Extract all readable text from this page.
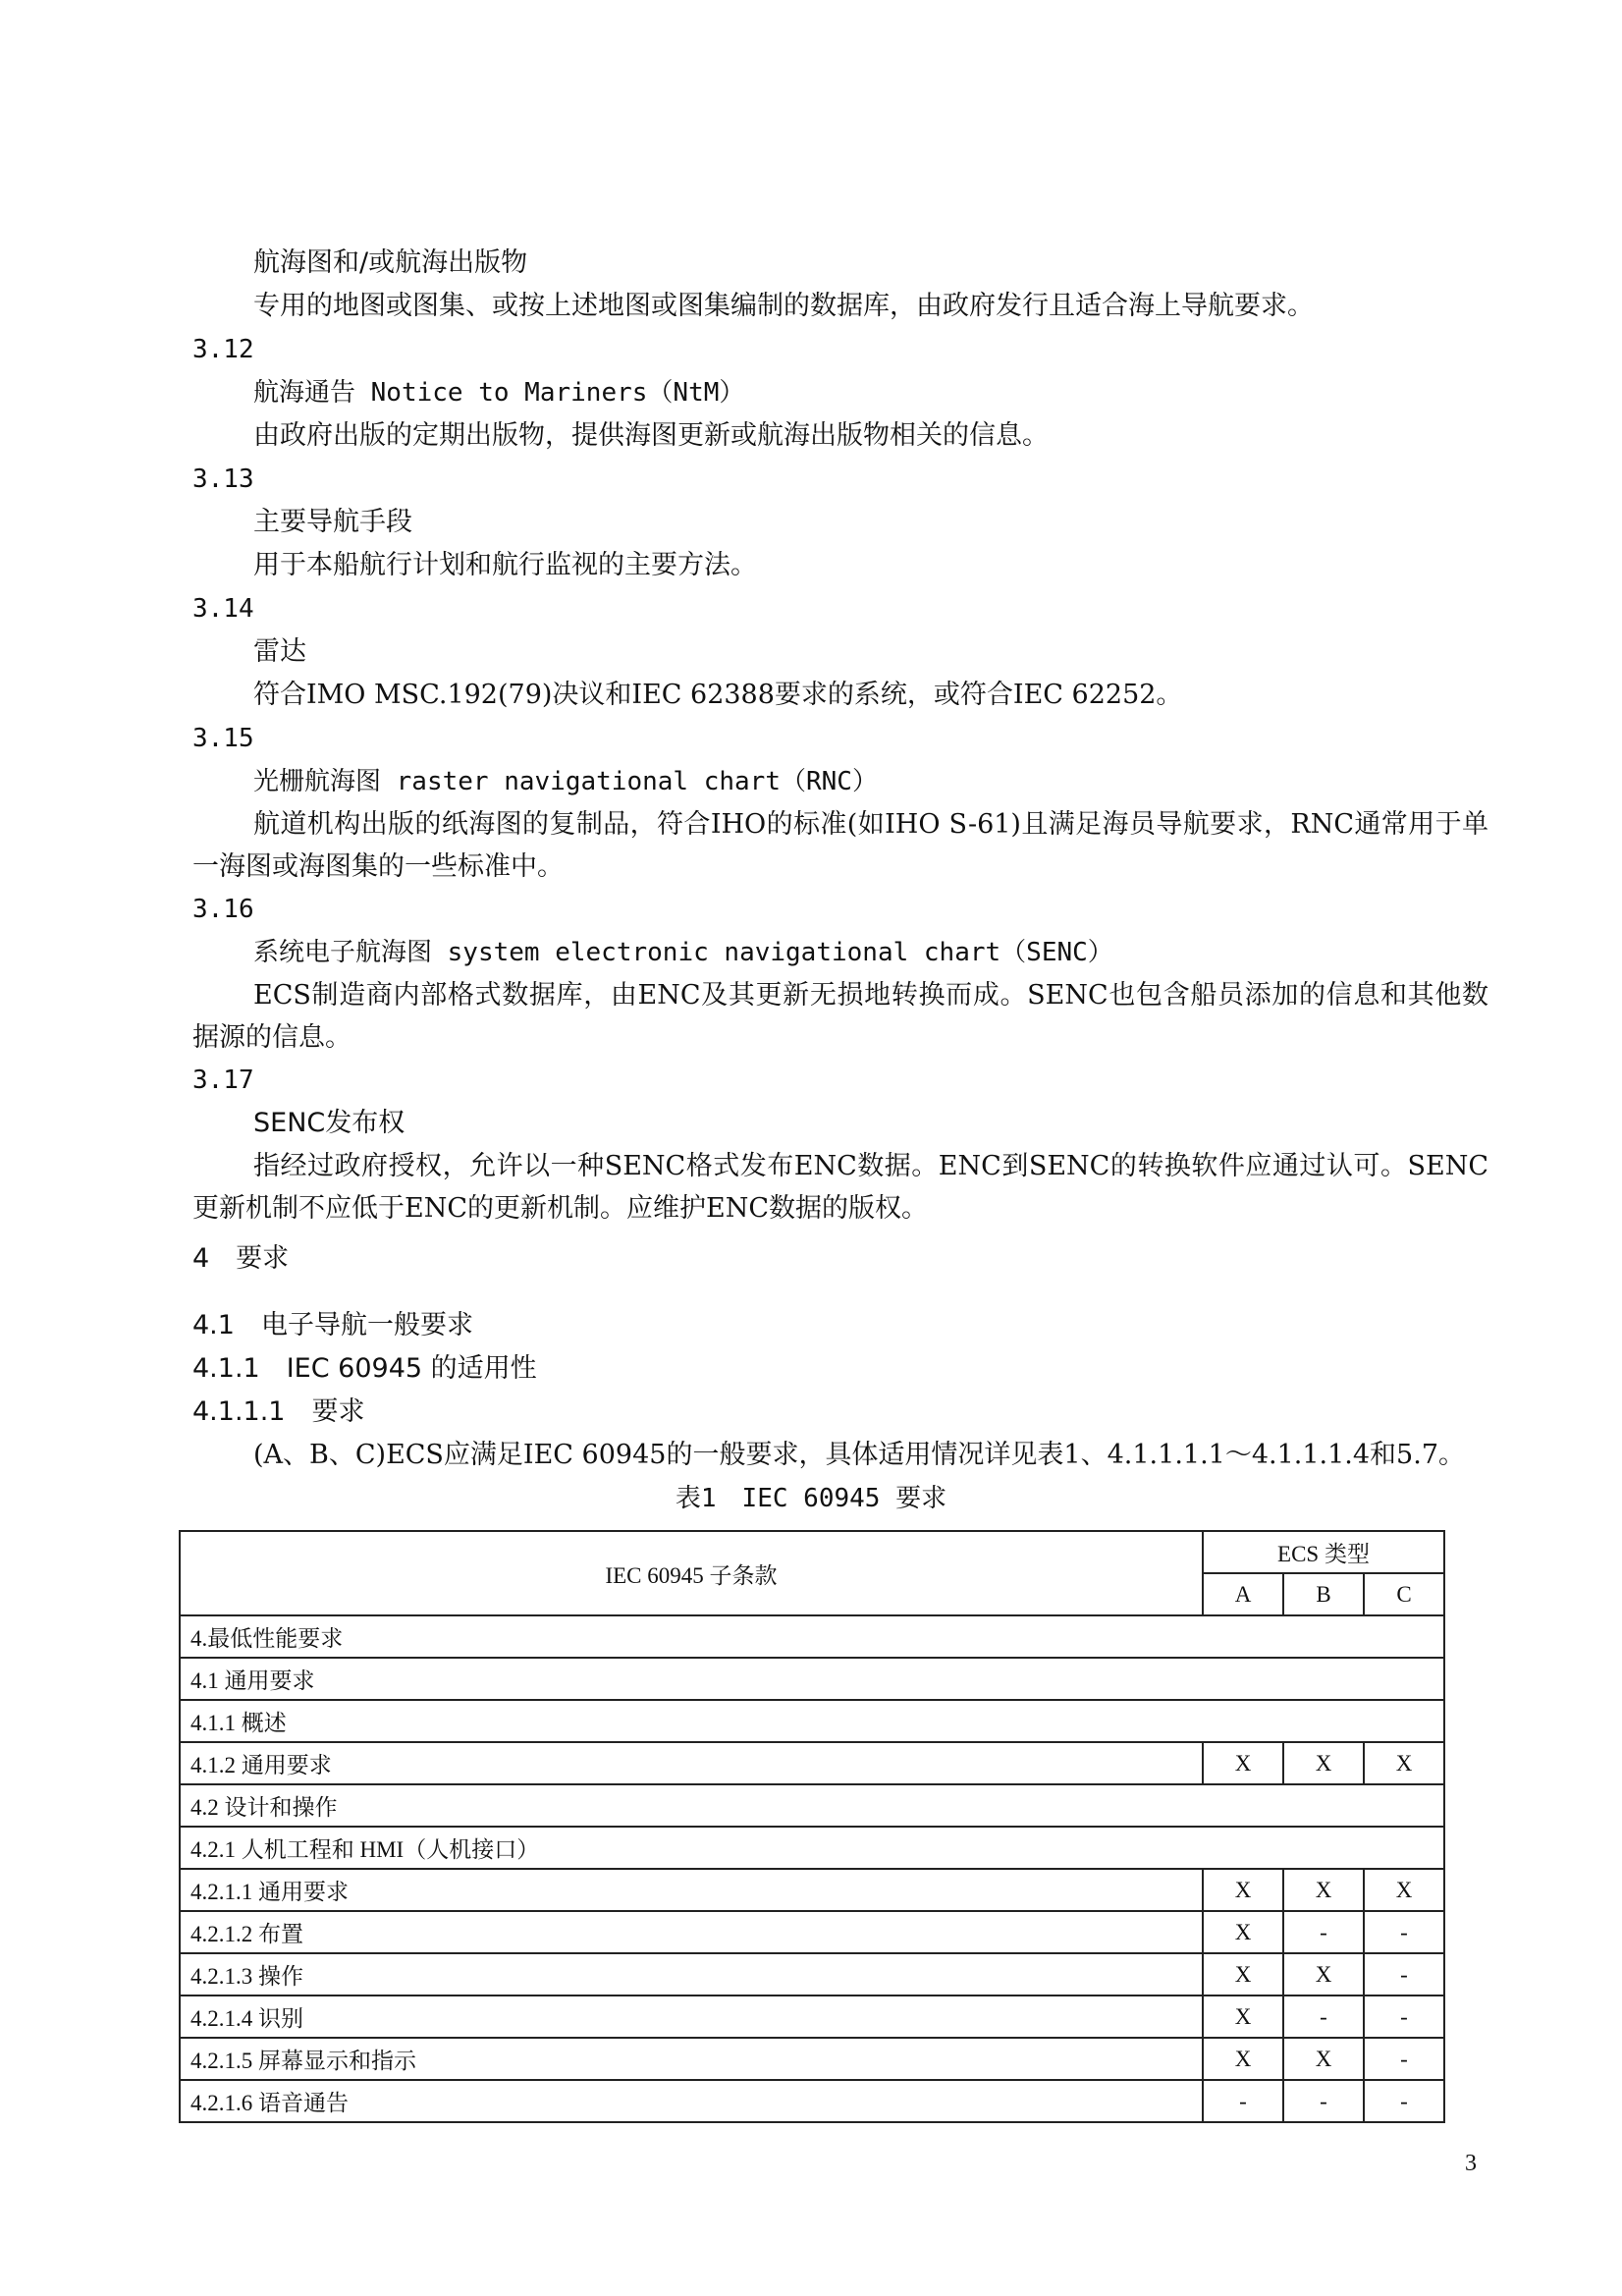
航海图和/或航海出版物
专用的地图或图集、或按上述地图或图集编制的数据库，由政府发行且适合海上导航要求。
3.12
航海通告 Notice to Mariners（NtM）
由政府出版的定期出版物，提供海图更新或航海出版物相关的信息。
3.13
主要导航手段
用于本船航行计划和航行监视的主要方法。
3.14
雷达
符合IMO MSC.192(79)决议和IEC 62388要求的系统，或符合IEC 62252。
3.15
光栅航海图 raster navigational chart（RNC）
航道机构出版的纸海图的复制品，符合IHO的标准(如IHO S-61)且满足海员导航要求，RNC通常用于单一海图或海图集的一些标准中。
3.16
系统电子航海图 system electronic navigational chart（SENC）
ECS制造商内部格式数据库，由ENC及其更新无损地转换而成。SENC也包含船员添加的信息和其他数据源的信息。
3.17
SENC发布权
指经过政府授权，允许以一种SENC格式发布ENC数据。ENC到SENC的转换软件应通过认可。SENC更新机制不应低于ENC的更新机制。应维护ENC数据的版权。
4　要求
4.1　电子导航一般要求
4.1.1　IEC 60945 的适用性
4.1.1.1　要求
(A、B、C)ECS应满足IEC 60945的一般要求，具体适用情况详见表1、4.1.1.1.1～4.1.1.1.4和5.7。
表1　IEC 60945 要求
IEC 60945 子条款	ECS 类型		
	A	B	C
4.最低性能要求			
4.1 通用要求			
4.1.1 概述			
4.1.2 通用要求	X	X	X
4.2 设计和操作			
4.2.1 人机工程和 HMI（人机接口）			
4.2.1.1 通用要求	X	X	X
4.2.1.2 布置	X	-	-
4.2.1.3 操作	X	X	-
4.2.1.4 识别	X	-	-
4.2.1.5 屏幕显示和指示	X	X	-
4.2.1.6 语音通告	-	-	-
3
